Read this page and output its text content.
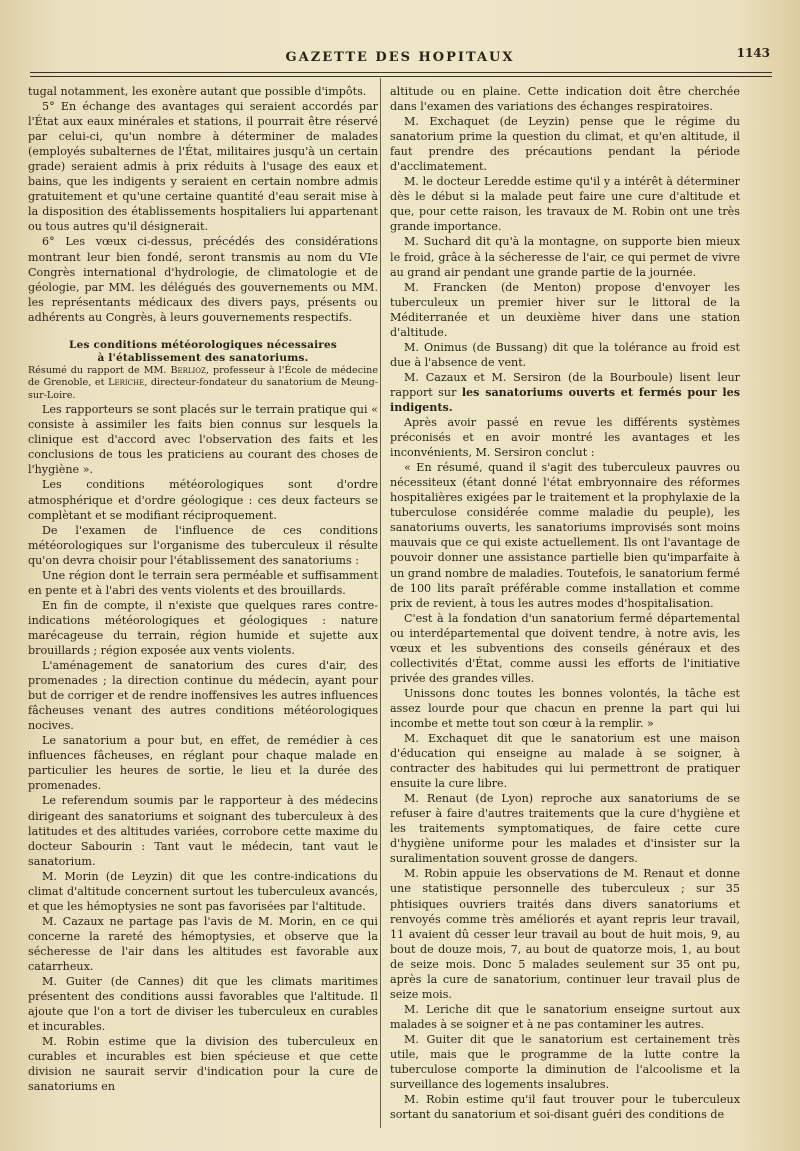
GAZETTE DES HOPITAUX	1143

tugal notamment, les exonère autant que possible d'impôts.

5° En échange des avantages qui seraient accordés par l'État aux eaux minérales et stations, il pourrait être réservé par celui-ci, qu'un nombre à déterminer de malades (employés subalternes de l'État, militaires jusqu'à un certain grade) seraient admis à prix réduits à l'usage des eaux et bains, que les indigents y seraient en certain nombre admis gratuitement et qu'une certaine quantité d'eau serait mise à la disposition des établissements hospitaliers lui appartenant ou tous autres qu'il désignerait.

6° Les vœux ci-dessus, précédés des considérations montrant leur bien fondé, seront transmis au nom du VIe Congrès international d'hydrologie, de climatologie et de géologie, par MM. les délégués des gouvernements ou MM. les représentants médicaux des divers pays, présents ou adhérents au Congrès, à leurs gouvernements respectifs.

Les conditions météorologiques nécessaires
à l'établissement des sanatoriums.

Résumé du rapport de MM. Berlioz, professeur à l'École de médecine de Grenoble, et Leriche, directeur-fondateur du sanatorium de Meung-sur-Loire.

Les rapporteurs se sont placés sur le terrain pratique qui « consiste à assimiler les faits bien connus sur lesquels la clinique est d'accord avec l'observation des faits et les conclusions de tous les praticiens au courant des choses de l'hygiène ».

Les conditions météorologiques sont d'ordre atmosphérique et d'ordre géologique : ces deux facteurs se complètant et se modifiant réciproquement.

De l'examen de l'influence de ces conditions météorologiques sur l'organisme des tuberculeux il résulte qu'on devra choisir pour l'établissement des sanatoriums :

Une région dont le terrain sera perméable et suffisamment en pente et à l'abri des vents violents et des brouillards.

En fin de compte, il n'existe que quelques rares contre-indications météorologiques et géologiques : nature marécageuse du terrain, région humide et sujette aux brouillards ; région exposée aux vents violents.

L'aménagement de sanatorium des cures d'air, des promenades ; la direction continue du médecin, ayant pour but de corriger et de rendre inoffensives les autres influences fâcheuses venant des autres conditions météorologiques nocives.

Le sanatorium a pour but, en effet, de remédier à ces influences fâcheuses, en réglant pour chaque malade en particulier les heures de sortie, le lieu et la durée des promenades.

Le referendum soumis par le rapporteur à des médecins dirigeant des sanatoriums et soignant des tuberculeux à des latitudes et des altitudes variées, corrobore cette maxime du docteur Sabourin : Tant vaut le médecin, tant vaut le sanatorium.

M. Morin (de Leyzin) dit que les contre-indications du climat d'altitude concernent surtout les tuberculeux avancés, et que les hémoptysies ne sont pas favorisées par l'altitude.

M. Cazaux ne partage pas l'avis de M. Morin, en ce qui concerne la rareté des hémoptysies, et observe que la sécheresse de l'air dans les altitudes est favorable aux catarrheux.

M. Guiter (de Cannes) dit que les climats maritimes présentent des conditions aussi favorables que l'altitude. Il ajoute que l'on a tort de diviser les tuberculeux en curables et incurables.

M. Robin estime que la division des tuberculeux en curables et incurables est bien spécieuse et que cette division ne saurait servir d'indication pour la cure de sanatoriums en

altitude ou en plaine. Cette indication doit être cherchée dans l'examen des variations des échanges respiratoires.

M. Exchaquet (de Leyzin) pense que le régime du sanatorium prime la question du climat, et qu'en altitude, il faut prendre des précautions pendant la période d'acclimatement.

M. le docteur Leredde estime qu'il y a intérêt à déterminer dès le début si la malade peut faire une cure d'altitude et que, pour cette raison, les travaux de M. Robin ont une très grande importance.

M. Suchard dit qu'à la montagne, on supporte bien mieux le froid, grâce à la sécheresse de l'air, ce qui permet de vivre au grand air pendant une grande partie de la journée.

M. Francken (de Menton) propose d'envoyer les tuberculeux un premier hiver sur le littoral de la Méditerranée et un deuxième hiver dans une station d'altitude.

M. Onimus (de Bussang) dit que la tolérance au froid est due à l'absence de vent.

M. Cazaux et M. Sersiron (de la Bourboule) lisent leur rapport sur les sanatoriums ouverts et fermés pour les indigents.

Après avoir passé en revue les différents systèmes préconisés et en avoir montré les avantages et les inconvénients, M. Sersiron conclut :

« En résumé, quand il s'agit des tuberculeux pauvres ou nécessiteux (étant donné l'état embryonnaire des réformes hospitalières exigées par le traitement et la prophylaxie de la tuberculose considérée comme maladie du peuple), les sanatoriums ouverts, les sanatoriums improvisés sont moins mauvais que ce qui existe actuellement. Ils ont l'avantage de pouvoir donner une assistance partielle bien qu'imparfaite à un grand nombre de maladies. Toutefois, le sanatorium fermé de 100 lits paraît préférable comme installation et comme prix de revient, à tous les autres modes d'hospitalisation.

C'est à la fondation d'un sanatorium fermé départemental ou interdépartemental que doivent tendre, à notre avis, les vœux et les subventions des conseils généraux et des collectivités d'État, comme aussi les efforts de l'initiative privée des grandes villes.

Unissons donc toutes les bonnes volontés, la tâche est assez lourde pour que chacun en prenne la part qui lui incombe et mette tout son cœur à la remplir. »

M. Exchaquet dit que le sanatorium est une maison d'éducation qui enseigne au malade à se soigner, à contracter des habitudes qui lui permettront de pratiquer ensuite la cure libre.

M. Renaut (de Lyon) reproche aux sanatoriums de se refuser à faire d'autres traitements que la cure d'hygiène et les traitements symptomatiques, de faire cette cure d'hygiène uniforme pour les malades et d'insister sur la suralimentation souvent grosse de dangers.

M. Robin appuie les observations de M. Renaut et donne une statistique personnelle des tuberculeux ; sur 35 phtisiques ouvriers traités dans divers sanatoriums et renvoyés comme très améliorés et ayant repris leur travail, 11 avaient dû cesser leur travail au bout de huit mois, 9, au bout de douze mois, 7, au bout de quatorze mois, 1, au bout de seize mois. Donc 5 malades seulement sur 35 ont pu, après la cure de sanatorium, continuer leur travail plus de seize mois.

M. Leriche dit que le sanatorium enseigne surtout aux malades à se soigner et à ne pas contaminer les autres.

M. Guiter dit que le sanatorium est certainement très utile, mais que le programme de la lutte contre la tuberculose comporte la diminution de l'alcoolisme et la surveillance des logements insalubres.

M. Robin estime qu'il faut trouver pour le tuberculeux sortant du sanatorium et soi-disant guéri des conditions de
